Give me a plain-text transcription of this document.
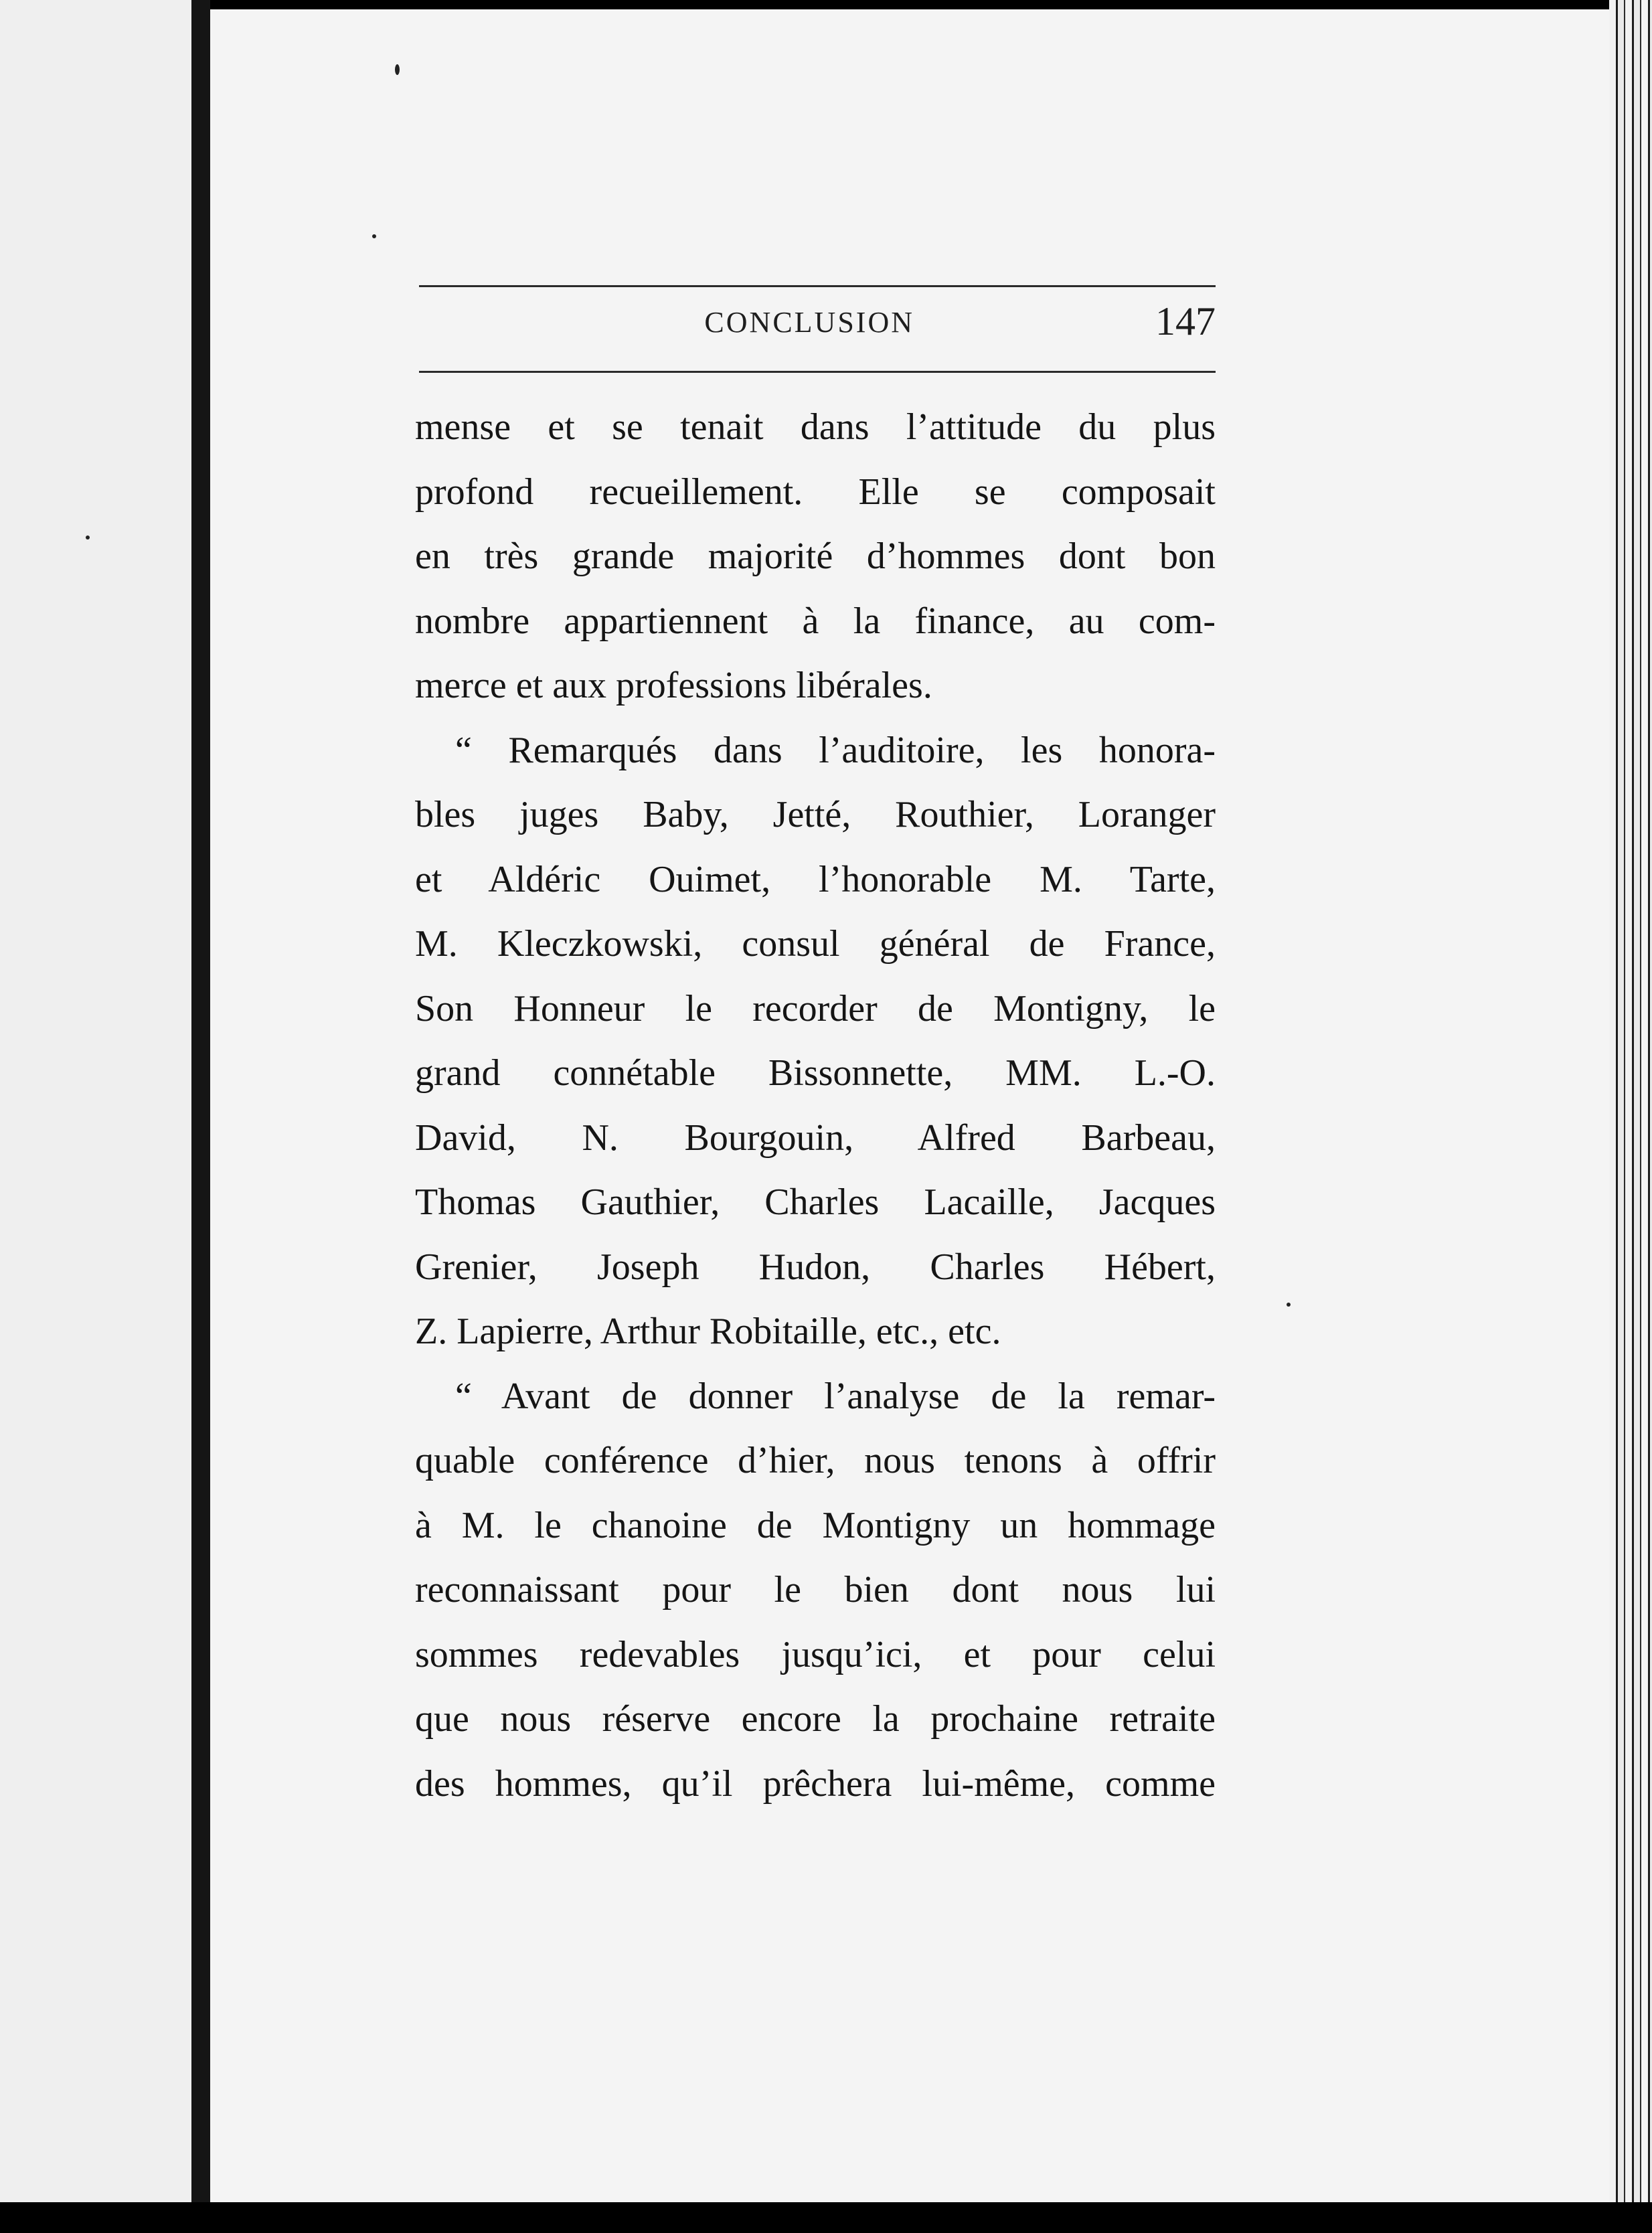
CONCLUSION	147
mense et se tenait dans l’attitude du plus
profond recueillement. Elle se composait
en très grande majorité d’hommes dont bon
nombre appartiennent à la finance, au com-
merce et aux professions libérales.
“ Remarqués dans l’auditoire, les honora-
bles juges Baby, Jetté, Routhier, Loranger
et Aldéric Ouimet, l’honorable M. Tarte,
M. Kleczkowski, consul général de France,
Son Honneur le recorder de Montigny, le
grand connétable Bissonnette, MM. L.-O.
David, N. Bourgouin, Alfred Barbeau,
Thomas Gauthier, Charles Lacaille, Jacques
Grenier, Joseph Hudon, Charles Hébert,
Z. Lapierre, Arthur Robitaille, etc., etc.
“ Avant de donner l’analyse de la remar-
quable conférence d’hier, nous tenons à offrir
à M. le chanoine de Montigny un hommage
reconnaissant pour le bien dont nous lui
sommes redevables jusqu’ici, et pour celui
que nous réserve encore la prochaine retraite
des hommes, qu’il prêchera lui-même, comme
